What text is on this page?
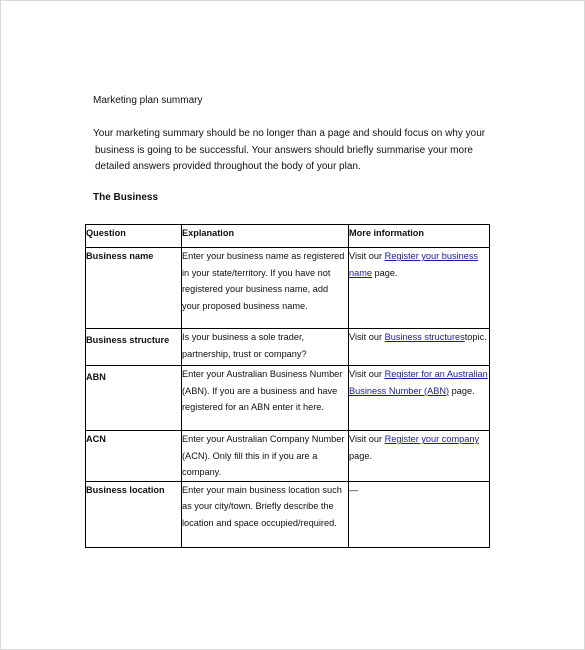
Marketing plan summary
Your marketing summary should be no longer than a page and should focus on why your
business is going to be successful. Your answers should briefly summarise your more
detailed answers provided throughout the body of your plan.
The Business
Question	Explanation	More information
Business name	Enter your business name as registered in your state/territory. If you have not registered your business name, add your proposed business name.	Visit our Register your business name page.
Business structure	Is your business a sole trader, partnership, trust or company?	Visit our Business structurestopic.
ABN	Enter your Australian Business Number (ABN). If you are a business and have registered for an ABN enter it here.	Visit our Register for an Australian Business Number (ABN) page.
ACN	Enter your Australian Company Number (ACN). Only fill this in if you are a company.	Visit our Register your company page.
Business location	Enter your main business location such as your city/town. Briefly describe the location and space occupied/required.	—
